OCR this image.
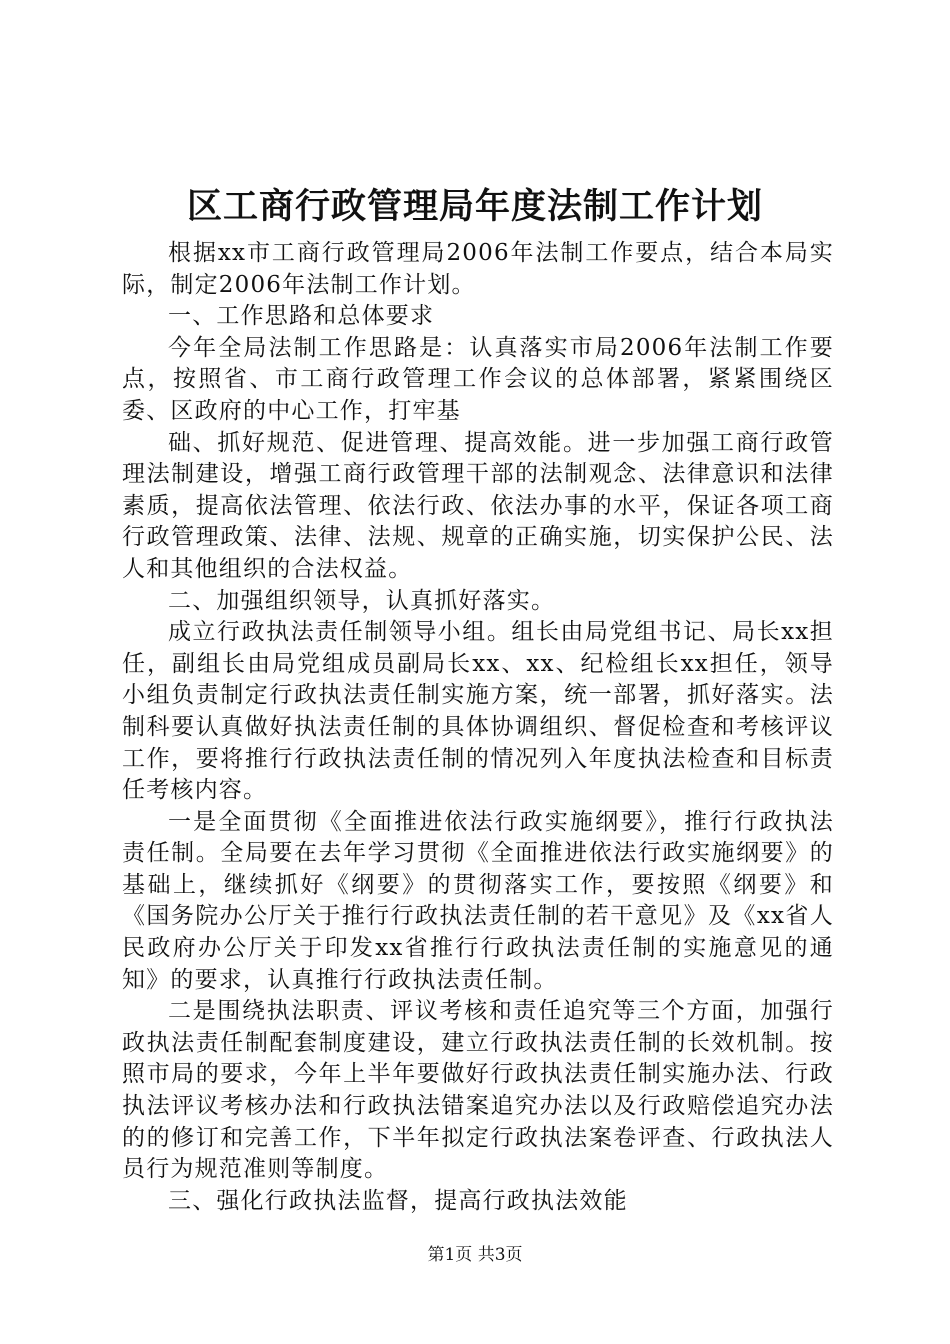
区工商行政管理局年度法制工作计划

根据xx市工商行政管理局2006年法制工作要点，结合本局实际，制定2006年法制工作计划。

一、工作思路和总体要求

今年全局法制工作思路是：认真落实市局2006年法制工作要点，按照省、市工商行政管理工作会议的总体部署，紧紧围绕区委、区政府的中心工作，打牢基

础、抓好规范、促进管理、提高效能。进一步加强工商行政管理法制建设，增强工商行政管理干部的法制观念、法律意识和法律素质，提高依法管理、依法行政、依法办事的水平，保证各项工商行政管理政策、法律、法规、规章的正确实施，切实保护公民、法人和其他组织的合法权益。

二、加强组织领导，认真抓好落实。

成立行政执法责任制领导小组。组长由局党组书记、局长xx担任，副组长由局党组成员副局长xx、xx、纪检组长xx担任，领导小组负责制定行政执法责任制实施方案，统一部署，抓好落实。法制科要认真做好执法责任制的具体协调组织、督促检查和考核评议工作，要将推行行政执法责任制的情况列入年度执法检查和目标责任考核内容。

一是全面贯彻《全面推进依法行政实施纲要》，推行行政执法责任制。全局要在去年学习贯彻《全面推进依法行政实施纲要》的基础上，继续抓好《纲要》的贯彻落实工作，要按照《纲要》和《国务院办公厅关于推行行政执法责任制的若干意见》及《xx省人民政府办公厅关于印发xx省推行行政执法责任制的实施意见的通知》的要求，认真推行行政执法责任制。

二是围绕执法职责、评议考核和责任追究等三个方面，加强行政执法责任制配套制度建设，建立行政执法责任制的长效机制。按照市局的要求，今年上半年要做好行政执法责任制实施办法、行政执法评议考核办法和行政执法错案追究办法以及行政赔偿追究办法的的修订和完善工作，下半年拟定行政执法案卷评查、行政执法人员行为规范准则等制度。

三、强化行政执法监督，提高行政执法效能

第1页 共3页
